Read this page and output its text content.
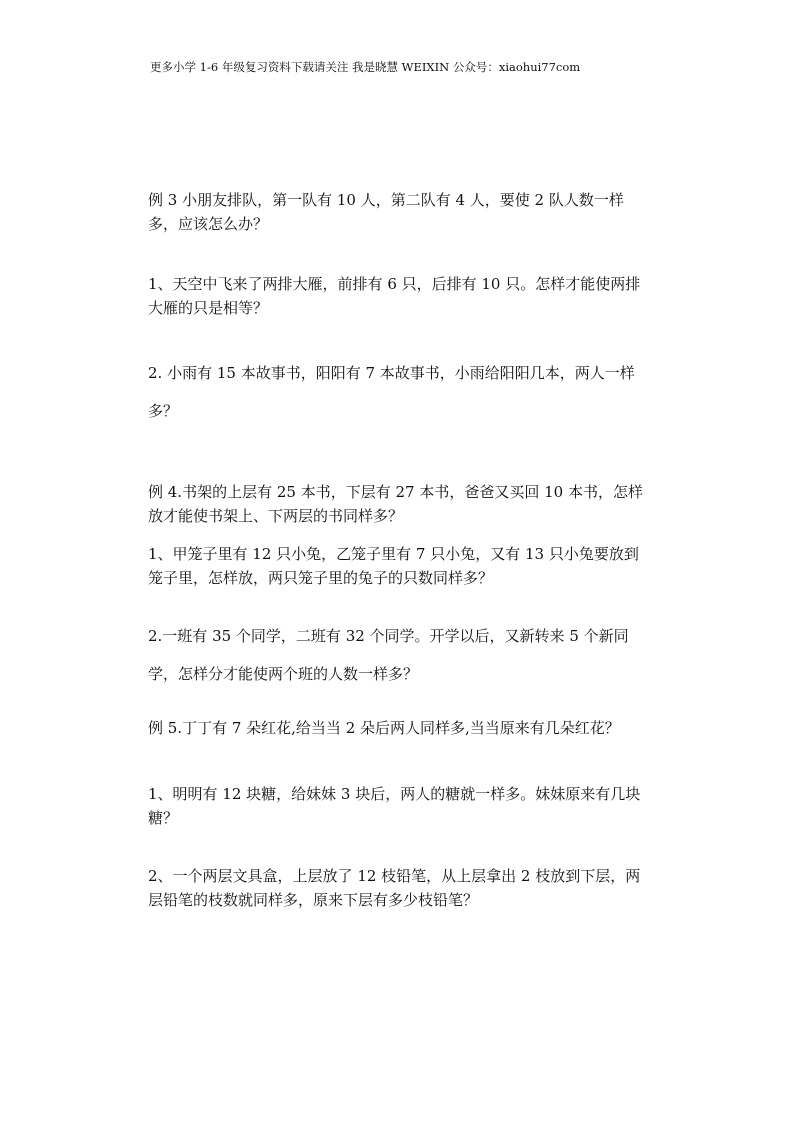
更多小学 1-6 年级复习资料下载请关注 我是晓慧 WEIXIN 公众号：xiaohui77com

例 3 小朋友排队，第一队有 10 人，第二队有 4 人，要使 2 队人数一样多，应该怎么办？

1、天空中飞来了两排大雁，前排有 6 只，后排有 10 只。怎样才能使两排大雁的只是相等？

2. 小雨有 15 本故事书，阳阳有 7 本故事书，小雨给阳阳几本，两人一样多？

例 4.书架的上层有 25 本书，下层有 27 本书，爸爸又买回 10 本书，怎样放才能使书架上、下两层的书同样多？

1、甲笼子里有 12 只小兔，乙笼子里有 7 只小兔，又有 13 只小兔要放到笼子里，怎样放，两只笼子里的兔子的只数同样多？

2.一班有 35 个同学，二班有 32 个同学。开学以后，又新转来 5 个新同学，怎样分才能使两个班的人数一样多？

例 5.丁丁有 7 朵红花,给当当 2 朵后两人同样多,当当原来有几朵红花？

1、明明有 12 块糖，给妹妹 3 块后，两人的糖就一样多。妹妹原来有几块糖？

2、一个两层文具盒，上层放了 12 枝铅笔，从上层拿出 2 枝放到下层，两层铅笔的枝数就同样多，原来下层有多少枝铅笔？
